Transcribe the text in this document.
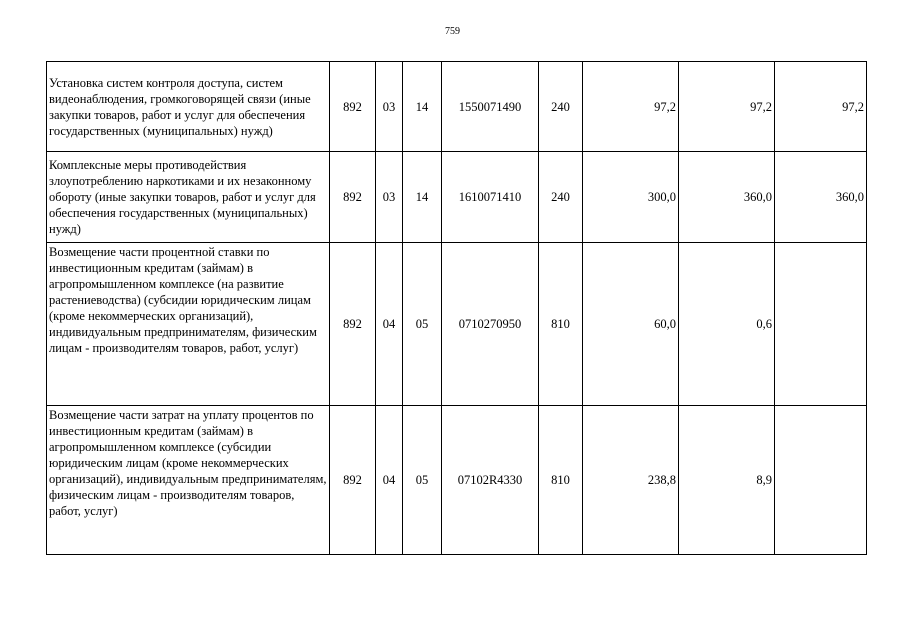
759
Установка систем контроля доступа, систем видеонаблюдения, громкоговорящей связи (иные закупки товаров, работ и услуг для обеспечения государственных (муниципальных) нужд)	892	03	14	1550071490	240	97,2	97,2	97,2
Комплексные меры противодействия злоупотреблению наркотиками и их незаконному обороту (иные закупки товаров, работ и услуг для обеспечения государственных (муниципальных) нужд)	892	03	14	1610071410	240	300,0	360,0	360,0
Возмещение части процентной ставки по инвестиционным кредитам (займам) в агропромышленном комплексе (на развитие растениеводства) (субсидии юридическим лицам (кроме некоммерческих организаций), индивидуальным предпринимателям, физическим лицам - производителям товаров, работ, услуг)	892	04	05	0710270950	810	60,0	0,6	
Возмещение части затрат на уплату процентов по инвестиционным кредитам (займам) в агропромышленном комплексе (субсидии юридическим лицам (кроме некоммерческих организаций), индивидуальным предпринимателям, физическим лицам - производителям товаров, работ, услуг)	892	04	05	07102R4330	810	238,8	8,9	
